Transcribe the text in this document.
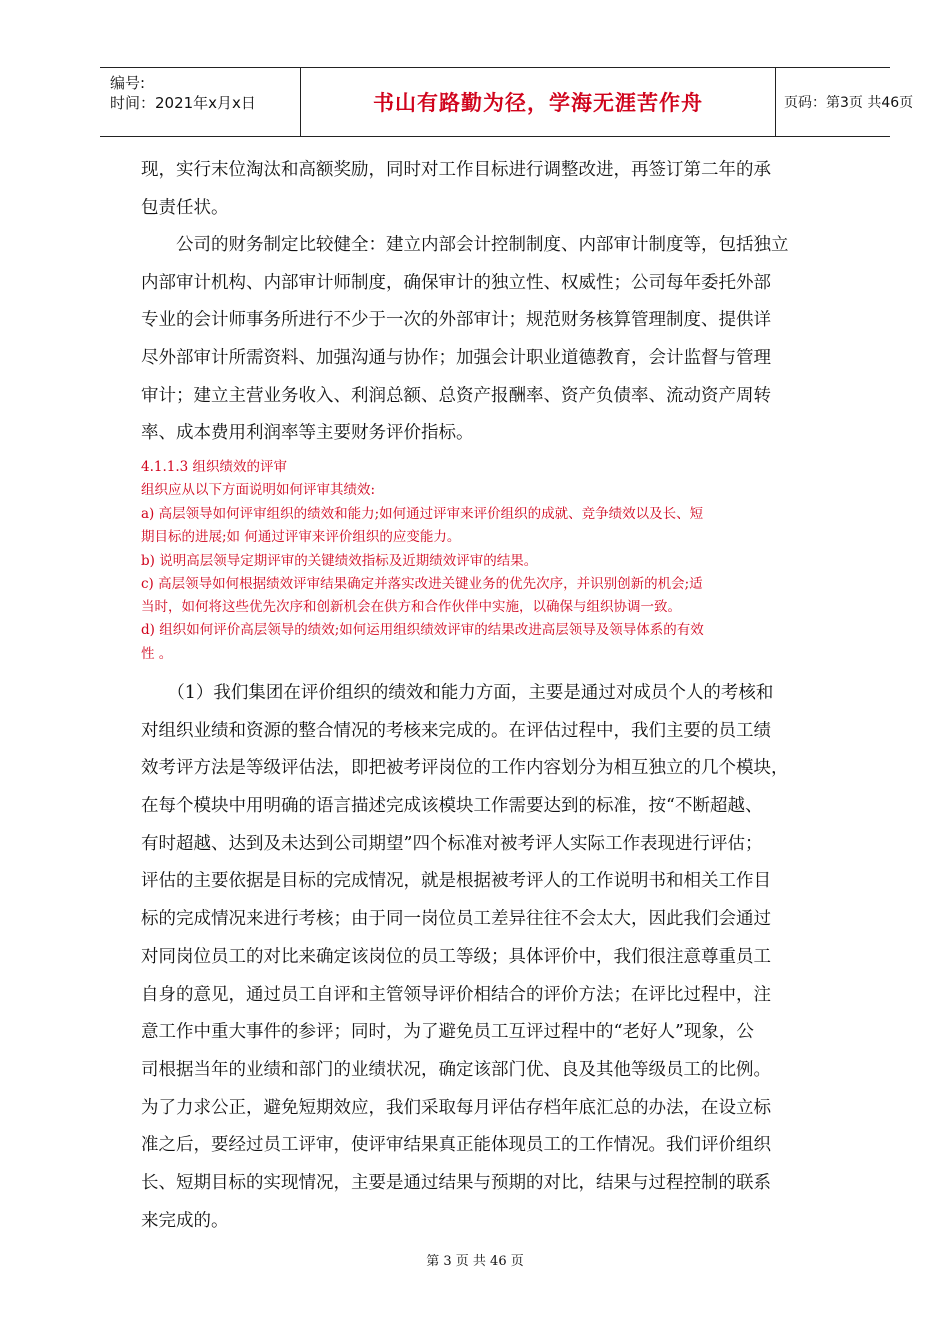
编号:
时间：2021年x月x日	书山有路勤为径，学海无涯苦作舟	页码：第3页 共46页
现，实行末位淘汰和高额奖励，同时对工作目标进行调整改进，再签订第二年的承
包责任状。
　　公司的财务制定比较健全：建立内部会计控制制度、内部审计制度等，包括独立
内部审计机构、内部审计师制度，确保审计的独立性、权威性；公司每年委托外部
专业的会计师事务所进行不少于一次的外部审计；规范财务核算管理制度、提供详
尽外部审计所需资料、加强沟通与协作；加强会计职业道德教育，会计监督与管理
审计；建立主营业务收入、利润总额、总资产报酬率、资产负债率、流动资产周转
率、成本费用利润率等主要财务评价指标。
4.1.1.3 组织绩效的评审
组织应从以下方面说明如何评审其绩效:
a) 高层领导如何评审组织的绩效和能力;如何通过评审来评价组织的成就、竞争绩效以及长、短
期目标的进展;如 何通过评审来评价组织的应变能力。
b) 说明高层领导定期评审的关键绩效指标及近期绩效评审的结果。
c) 高层领导如何根据绩效评审结果确定并落实改进关键业务的优先次序，并识别创新的机会;适
当时，如何将这些优先次序和创新机会在供方和合作伙伴中实施，以确保与组织协调一致。
d) 组织如何评价高层领导的绩效;如何运用组织绩效评审的结果改进高层领导及领导体系的有效
性 。
　　（1）我们集团在评价组织的绩效和能力方面，主要是通过对成员个人的考核和
对组织业绩和资源的整合情况的考核来完成的。在评估过程中，我们主要的员工绩
效考评方法是等级评估法，即把被考评岗位的工作内容划分为相互独立的几个模块，
在每个模块中用明确的语言描述完成该模块工作需要达到的标准，按“不断超越、
有时超越、达到及未达到公司期望”四个标准对被考评人实际工作表现进行评估；
评估的主要依据是目标的完成情况，就是根据被考评人的工作说明书和相关工作目
标的完成情况来进行考核；由于同一岗位员工差异往往不会太大，因此我们会通过
对同岗位员工的对比来确定该岗位的员工等级；具体评价中，我们很注意尊重员工
自身的意见，通过员工自评和主管领导评价相结合的评价方法；在评比过程中，注
意工作中重大事件的参评；同时，为了避免员工互评过程中的“老好人”现象，公
司根据当年的业绩和部门的业绩状况，确定该部门优、良及其他等级员工的比例。
为了力求公正，避免短期效应，我们采取每月评估存档年底汇总的办法，在设立标
准之后，要经过员工评审，使评审结果真正能体现员工的工作情况。我们评价组织
长、短期目标的实现情况，主要是通过结果与预期的对比，结果与过程控制的联系
来完成的。
第 3 页 共 46 页
